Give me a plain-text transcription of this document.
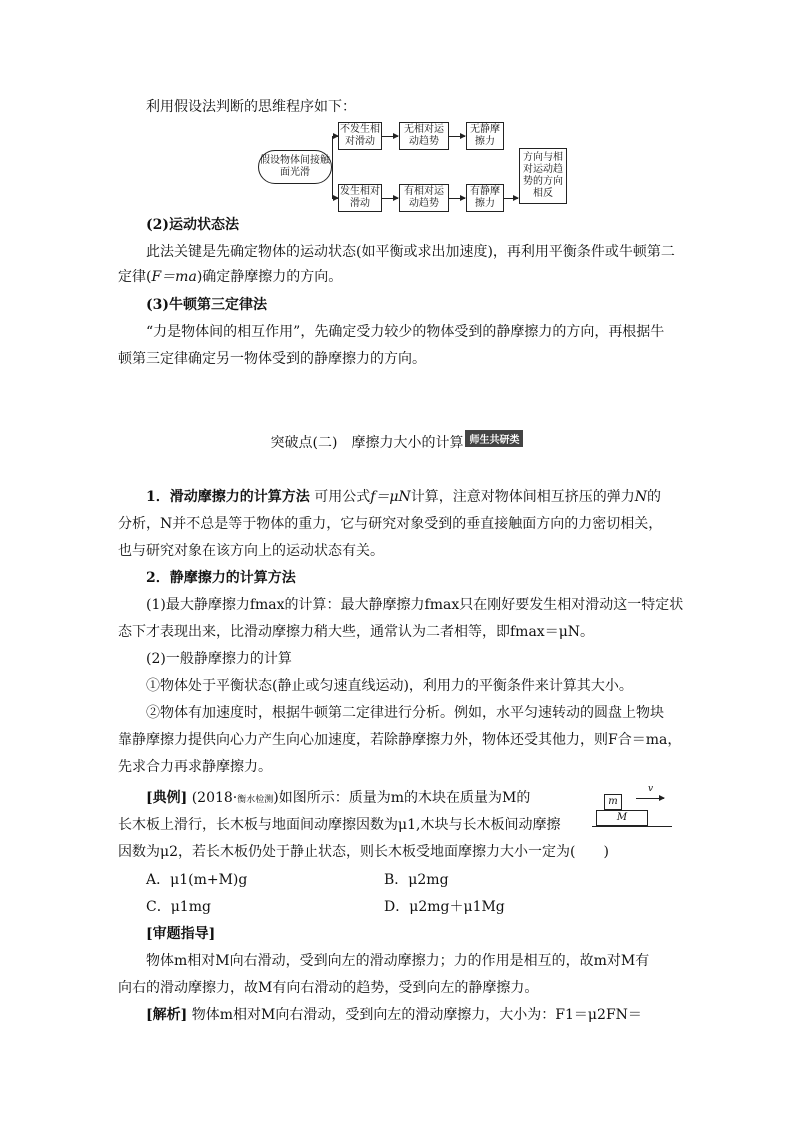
利用假设法判断的思维程序如下：
假设物体间接触面光滑
不发生相对滑动
无相对运动趋势
无静摩擦力
发生相对滑动
有相对运动趋势
有静摩擦力
方向与相对运动趋势的方向相反
(2)运动状态法
此法关键是先确定物体的运动状态(如平衡或求出加速度)，再利用平衡条件或牛顿第二
定律(F＝ma)确定静摩擦力的方向。
(3)牛顿第三定律法
“力是物体间的相互作用”，先确定受力较少的物体受到的静摩擦力的方向，再根据牛
顿第三定律确定另一物体受到的静摩擦力的方向。
突破点(二)　摩擦力大小的计算 师生共研类
1．滑动摩擦力的计算方法 可用公式f＝μN计算，注意对物体间相互挤压的弹力N的
分析，N并不总是等于物体的重力，它与研究对象受到的垂直接触面方向的力密切相关，
也与研究对象在该方向上的运动状态有关。
2．静摩擦力的计算方法
(1)最大静摩擦力fmax的计算：最大静摩擦力fmax只在刚好要发生相对滑动这一特定状
态下才表现出来，比滑动摩擦力稍大些，通常认为二者相等，即fmax＝μN。
(2)一般静摩擦力的计算
①物体处于平衡状态(静止或匀速直线运动)，利用力的平衡条件来计算其大小。
②物体有加速度时，根据牛顿第二定律进行分析。例如，水平匀速转动的圆盘上物块
靠静摩擦力提供向心力产生向心加速度，若除静摩擦力外，物体还受其他力，则F合＝ma，
先求合力再求静摩擦力。
[典例] (2018·衡水检测)如图所示：质量为m的木块在质量为M的
长木板上滑行，长木板与地面间动摩擦因数为μ1,木块与长木板间动摩擦
因数为μ2，若长木板仍处于静止状态，则长木板受地面摩擦力大小一定为(　　)
m
M
v
A．μ1(m+M)g	B．μ2mg
C．μ1mg	D．μ2mg＋μ1Mg
[审题指导]
物体m相对M向右滑动，受到向左的滑动摩擦力；力的作用是相互的，故m对M有
向右的滑动摩擦力，故M有向右滑动的趋势，受到向左的静摩擦力。
[解析] 物体m相对M向右滑动，受到向左的滑动摩擦力，大小为：F1＝μ2FN＝
